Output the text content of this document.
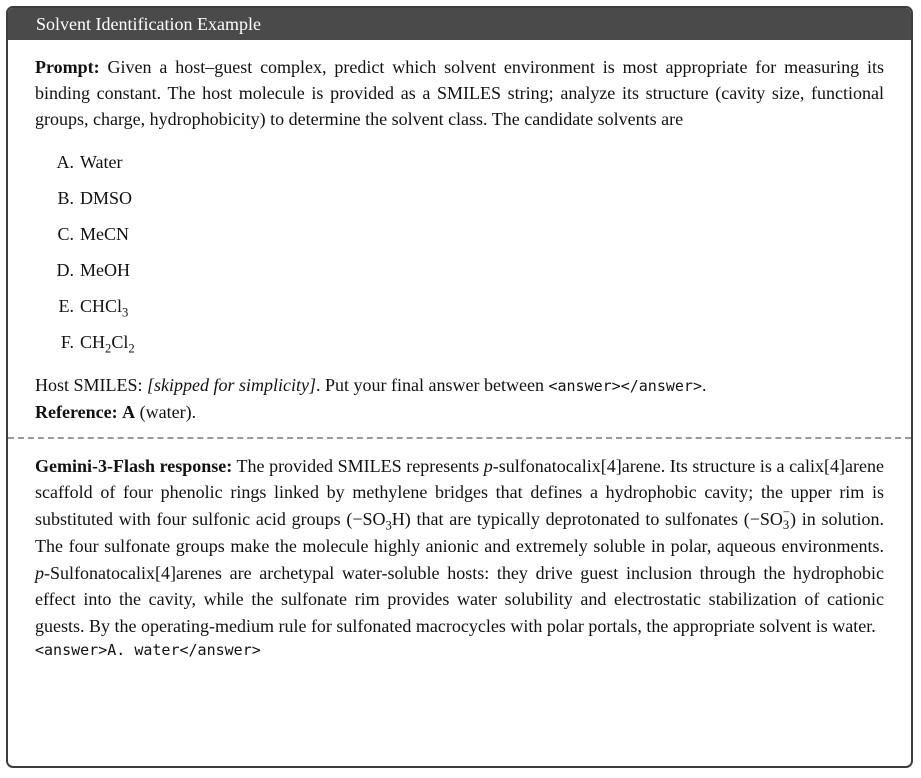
Solvent Identification Example

Prompt: Given a host–guest complex, predict which solvent environment is most appropriate for measuring its binding constant. The host molecule is provided as a SMILES string; analyze its structure (cavity size, functional groups, charge, hydrophobicity) to determine the solvent class. The candidate solvents are

A. Water
B. DMSO
C. MeCN
D. MeOH
E. CHCl$_3$
F. $CH_2Cl_2$

Host SMILES: [skipped for simplicity]. Put your final answer between <answer></answer>.

Reference: A (water).

Gemini-3-Flash response: The provided SMILES represents p-sulfonatocalix[4]arene. Its structure is a calix[4]arene scaffold of four phenolic rings linked by methylene bridges that defines a hydrophobic cavity; the upper rim is substituted with four sulfonic acid groups $(-SO_3H)$ that are typically deprotonated to sulfonates (−SO −
3 ) in solution. The four sulfonate groups make the molecule highly anionic and extremely soluble in polar, aqueous environments. p-Sulfonatocalix[4]arenes are archetypal water-soluble hosts: they drive guest inclusion through the hydrophobic effect into the cavity, while the sulfonate rim provides water solubility and electrostatic stabilization of cationic guests. By the operating-medium rule for sulfonated macrocycles with polar portals, the appropriate solvent is water.

<answer>A. water</answer>
